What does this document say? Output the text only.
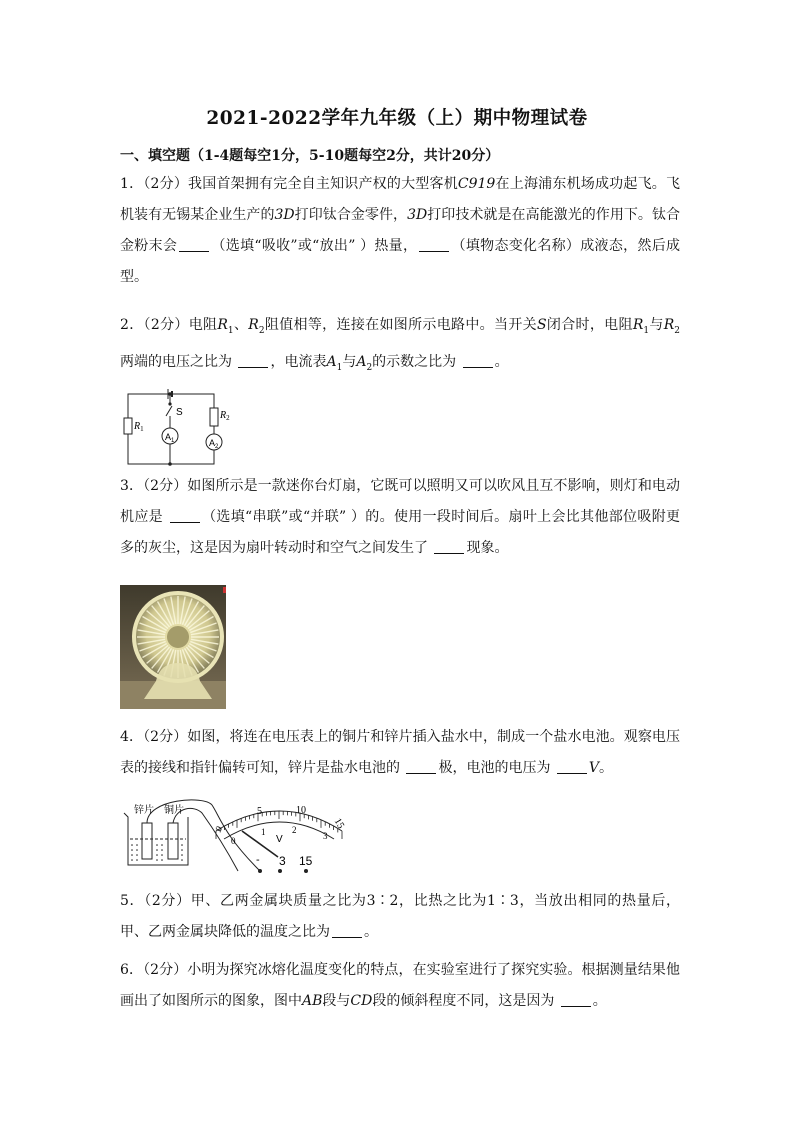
2021-2022学年九年级（上）期中物理试卷
一、填空题（1-4题每空1分，5-10题每空2分，共计20分）
1．（2分）我国首架拥有完全自主知识产权的大型客机C919在上海浦东机场成功起飞。飞机装有无锡某企业生产的3D打印钛合金零件，3D打印技术就是在高能激光的作用下。钛合金粉末会 （选填“吸收”或“放出” ）热量， （填物态变化名称）成液态，然后成型。
2．（2分）电阻$R_1$、$R_2$阻值相等，连接在如图所示电路中。当开关S闭合时，电阻$R_1$与$R_2$两端的电压之比为	，电流表$A_1$与$A_2$的示数之比为	。
$R_1$
$R_2$
S
$A_1$	$A_2$
3．（2分）如图所示是一款迷你台灯扇，它既可以照明又可以吹风且互不影响，则灯和电动机应是	（选填“串联”或“并联” ）的。使用一段时间后。扇叶上会比其他部位吸附更多的灰尘，这是因为扇叶转动时和空气之间发生了	现象。
4．（2分）如图，将连在电压表上的铜片和锌片插入盐水中，制成一个盐水电池。观察电压表的接线和指针偏转可知，锌片是盐水电池的	极，电池的电压为	V。
5	10
15
0
0
1	2
3
V
锌片 铜片
- 3 15
5．（2分）甲、乙两金属块质量之比为3∶2，比热之比为1∶3，当放出相同的热量后，甲、乙两金属块降低的温度之比为 。
6．（2分）小明为探究冰熔化温度变化的特点，在实验室进行了探究实验。根据测量结果他画出了如图所示的图象，图中AB段与CD段的倾斜程度不同，这是因为	。
